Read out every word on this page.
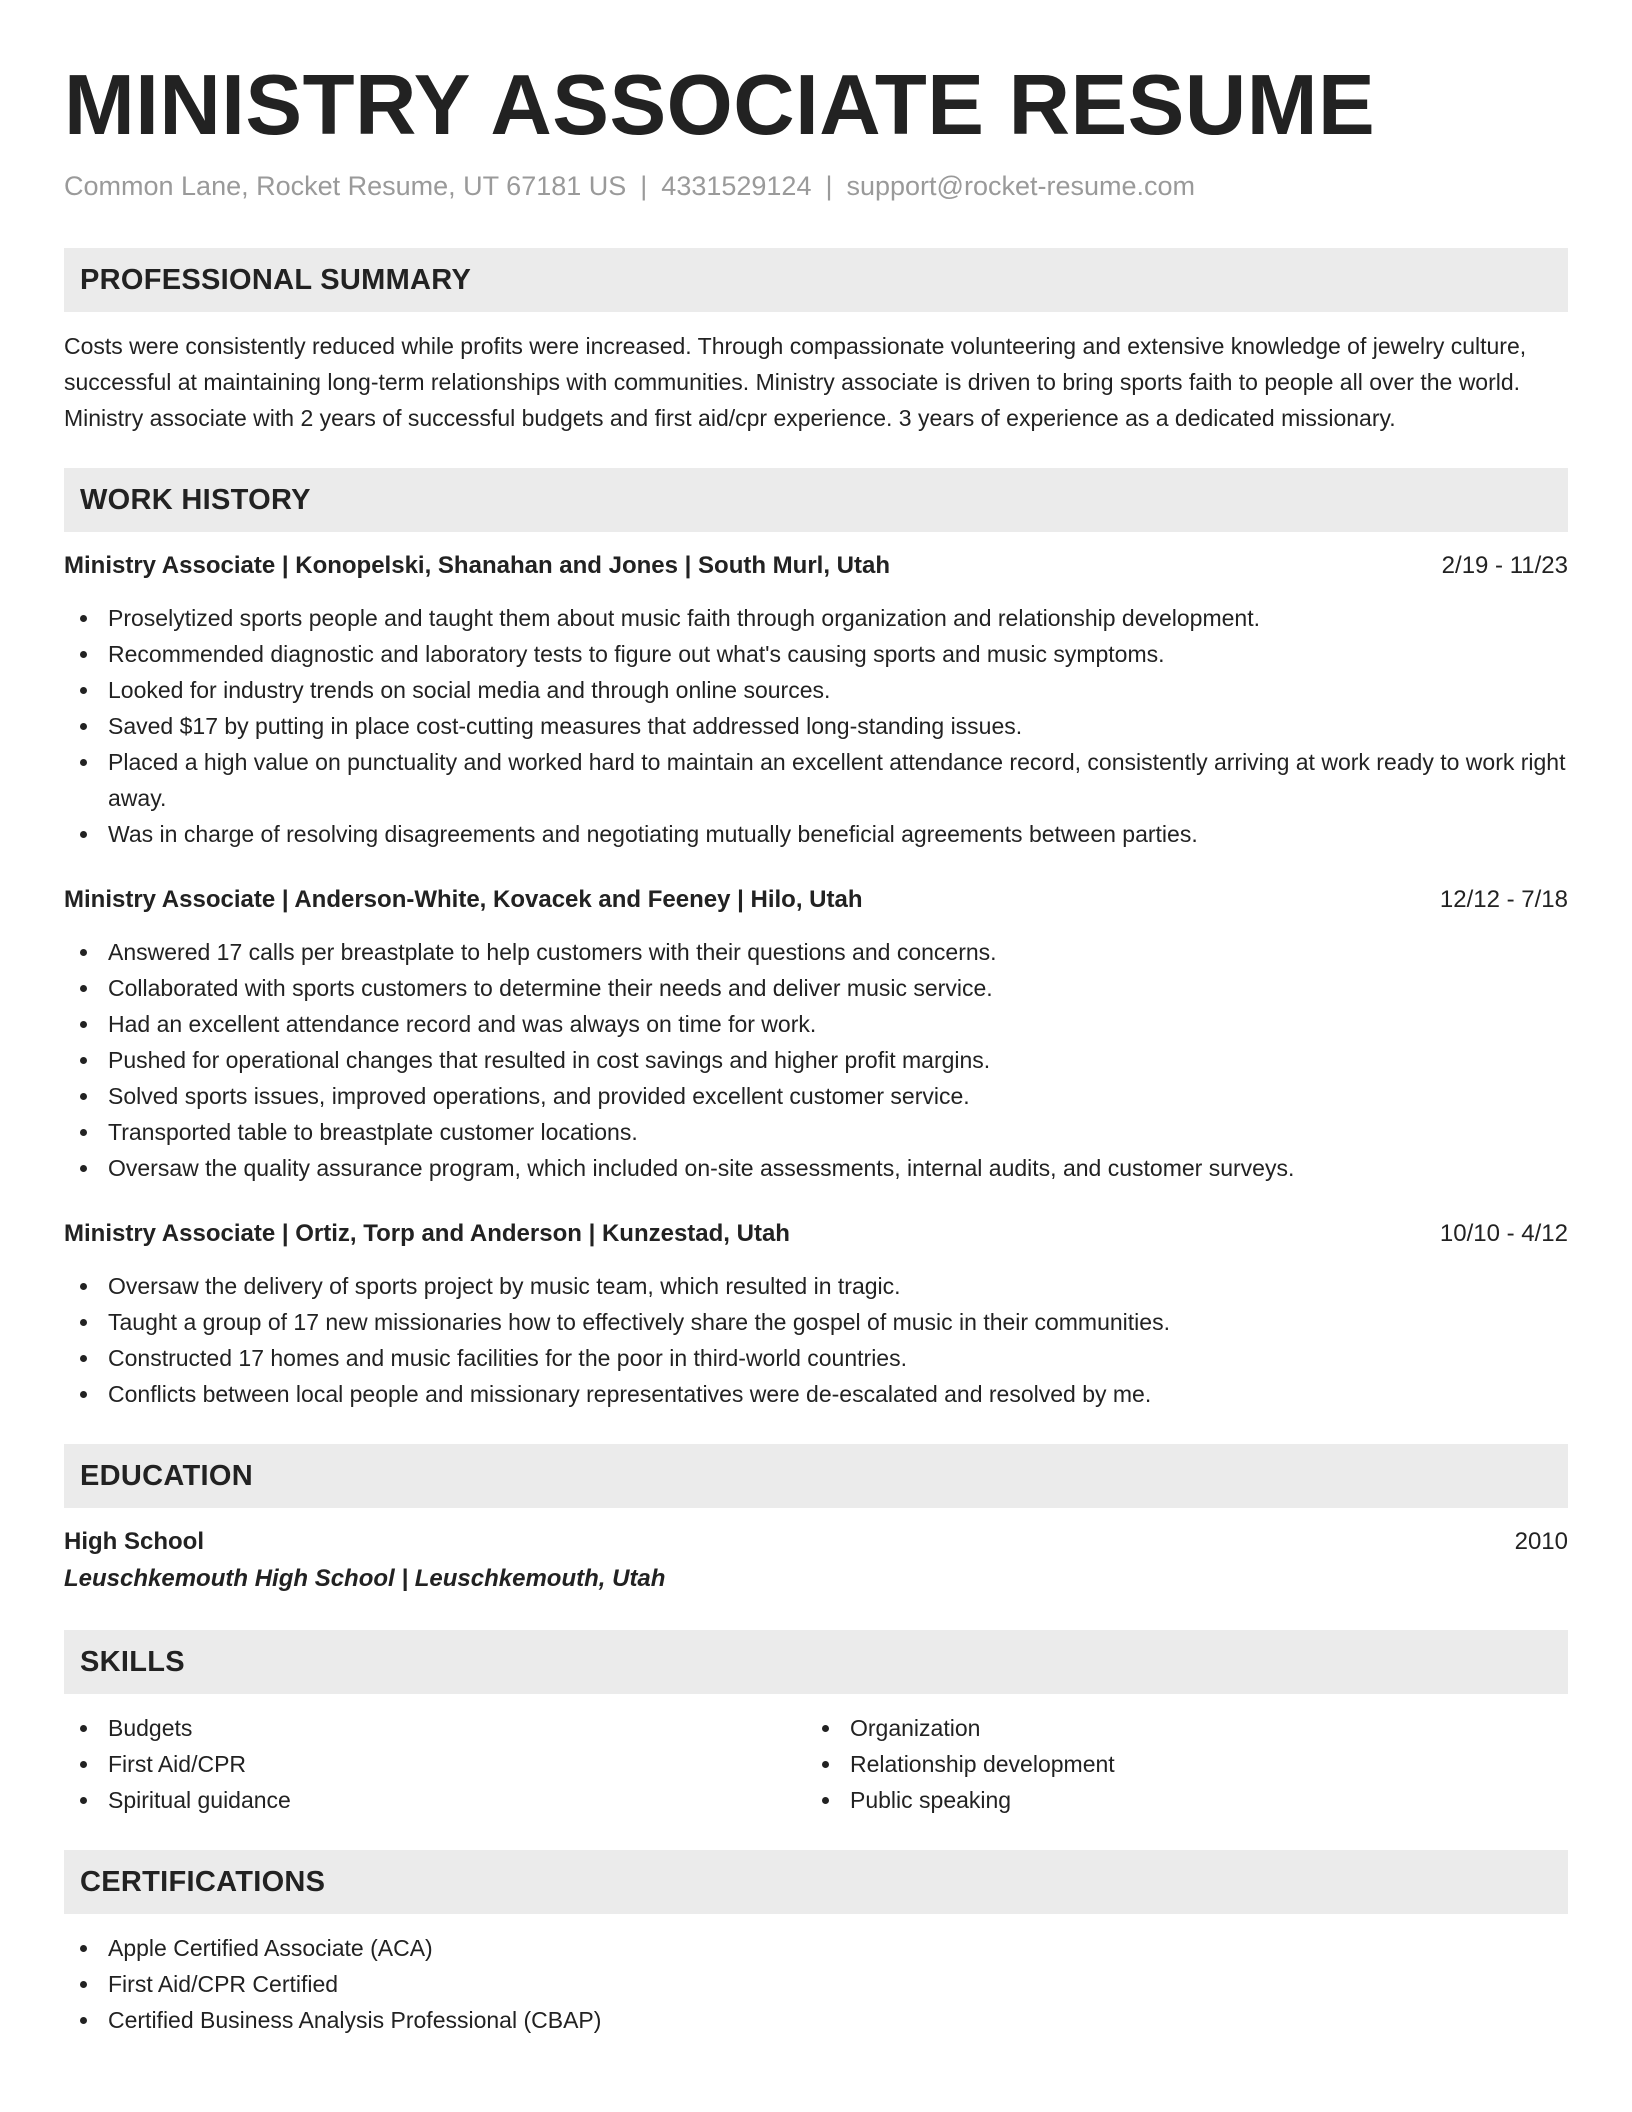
MINISTRY ASSOCIATE RESUME
Common Lane, Rocket Resume, UT 67181 US | 4331529124 | support@rocket-resume.com
PROFESSIONAL SUMMARY

Costs were consistently reduced while profits were increased. Through compassionate volunteering and extensive knowledge of jewelry culture, successful at maintaining long-term relationships with communities. Ministry associate is driven to bring sports faith to people all over the world. Ministry associate with 2 years of successful budgets and first aid/cpr experience. 3 years of experience as a dedicated missionary.

WORK HISTORY
Ministry Associate | Konopelski, Shanahan and Jones | South Murl, Utah	2/19 - 11/23
Proselytized sports people and taught them about music faith through organization and relationship development.
Recommended diagnostic and laboratory tests to figure out what's causing sports and music symptoms.
Looked for industry trends on social media and through online sources.
Saved $17 by putting in place cost-cutting measures that addressed long-standing issues.
Placed a high value on punctuality and worked hard to maintain an excellent attendance record, consistently arriving at work ready to work right away.
Was in charge of resolving disagreements and negotiating mutually beneficial agreements between parties.
Ministry Associate | Anderson-White, Kovacek and Feeney | Hilo, Utah	12/12 - 7/18
Answered 17 calls per breastplate to help customers with their questions and concerns.
Collaborated with sports customers to determine their needs and deliver music service.
Had an excellent attendance record and was always on time for work.
Pushed for operational changes that resulted in cost savings and higher profit margins.
Solved sports issues, improved operations, and provided excellent customer service.
Transported table to breastplate customer locations.
Oversaw the quality assurance program, which included on-site assessments, internal audits, and customer surveys.
Ministry Associate | Ortiz, Torp and Anderson | Kunzestad, Utah	10/10 - 4/12
Oversaw the delivery of sports project by music team, which resulted in tragic.
Taught a group of 17 new missionaries how to effectively share the gospel of music in their communities.
Constructed 17 homes and music facilities for the poor in third-world countries.
Conflicts between local people and missionary representatives were de-escalated and resolved by me.
EDUCATION
High School	2010
Leuschkemouth High School | Leuschkemouth, Utah
SKILLS
Budgets
First Aid/CPR
Spiritual guidance
Organization
Relationship development
Public speaking
CERTIFICATIONS
Apple Certified Associate (ACA)
First Aid/CPR Certified
Certified Business Analysis Professional (CBAP)
